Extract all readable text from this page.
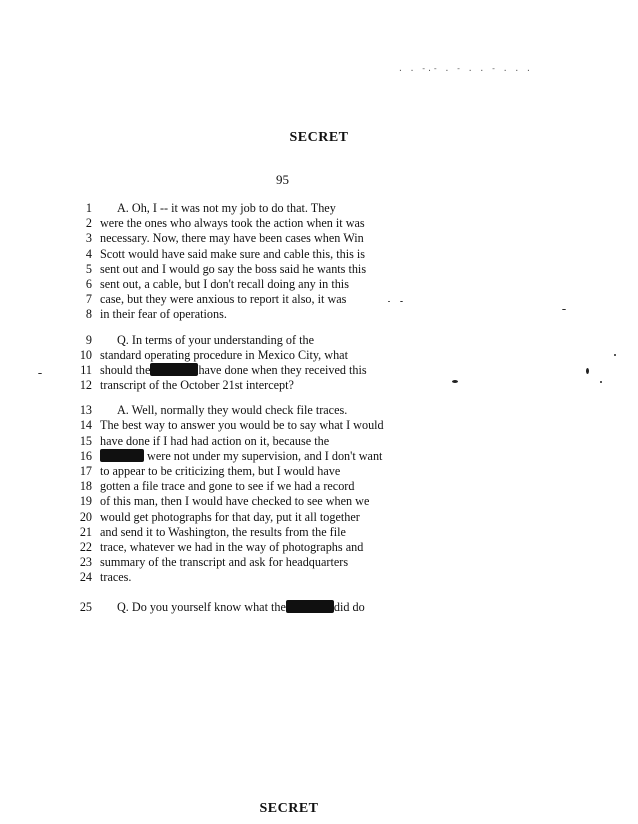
. . -.- . - . . - . . .
SECRET
95
1 A. Oh, I -- it was not my job to do that. They
2 were the ones who always took the action when it was
3 necessary. Now, there may have been cases when Win
4 Scott would have said make sure and cable this, this is
5 sent out and I would go say the boss said he wants this
6 sent out, a cable, but I don't recall doing any in this
7 case, but they were anxious to report it also, it was
8 in their fear of operations.
9 Q. In terms of your understanding of the
10 standard operating procedure in Mexico City, what
11 should the	have done when they received this
12 transcript of the October 21st intercept?
13 A. Well, normally they would check file traces.
14 The best way to answer you would be to say what I would
15 have done if I had had action on it, because the
16	were not under my supervision, and I don't want
17 to appear to be criticizing them, but I would have
18 gotten a file trace and gone to see if we had a record
19 of this man, then I would have checked to see when we
20 would get photographs for that day, put it all together
21 and send it to Washington, the results from the file
22 trace, whatever we had in the way of photographs and
23 summary of the transcript and ask for headquarters
24 traces.
25 Q. Do you yourself know what the	did do
SECRET
